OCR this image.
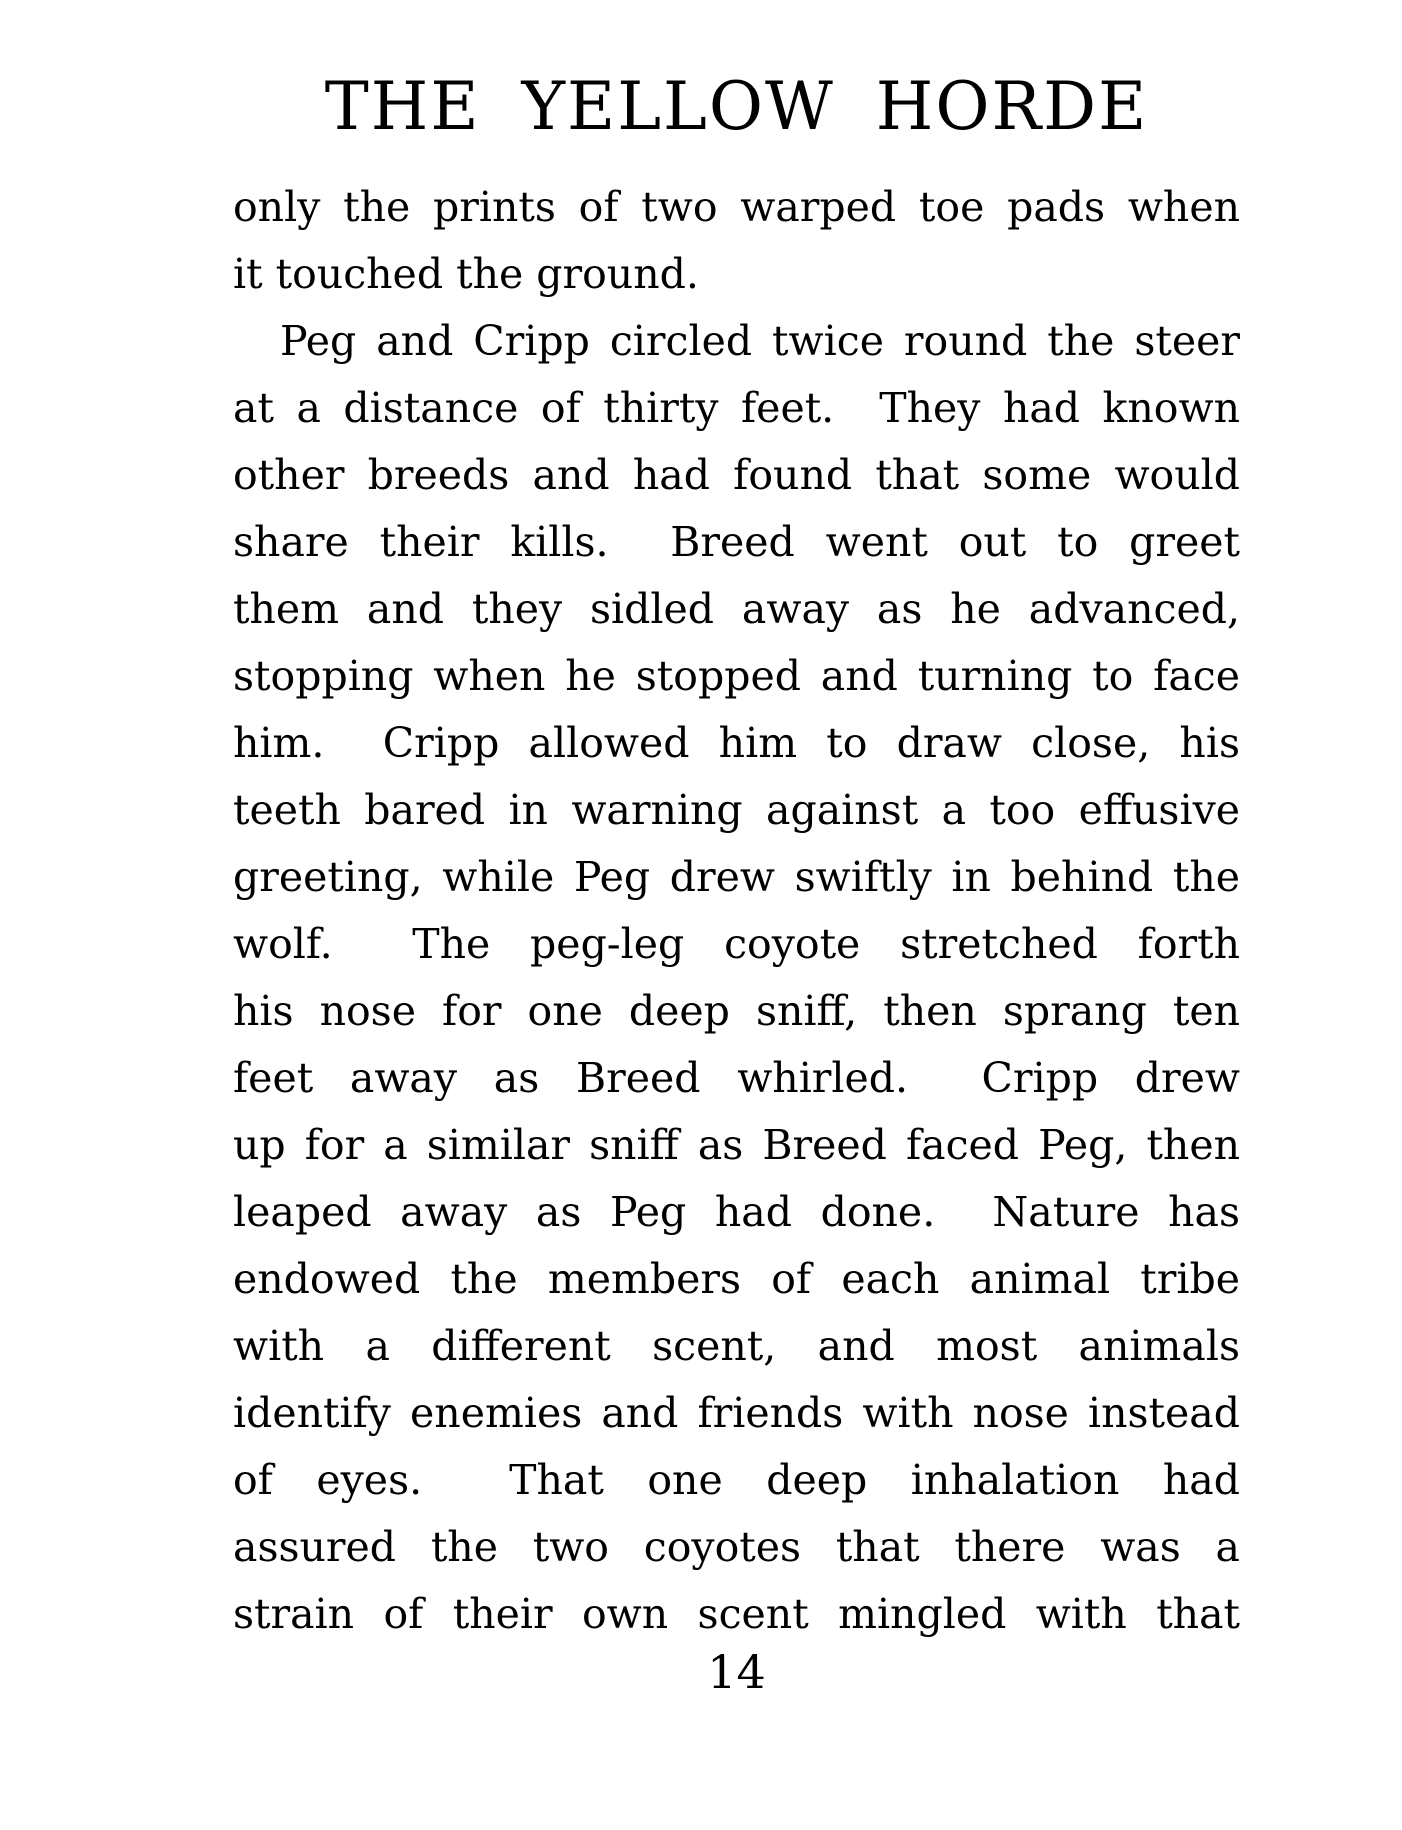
THE YELLOW HORDE

only the prints of two warped toe pads when
it touched the ground.

Peg and Cripp circled twice round the steer
at a distance of thirty feet.  They had known
other breeds and had found that some would
share their kills.  Breed went out to greet
them and they sidled away as he advanced,
stopping when he stopped and turning to face
him.  Cripp allowed him to draw close, his
teeth bared in warning against a too effusive
greeting, while Peg drew swiftly in behind the
wolf.  The peg-leg coyote stretched forth
his nose for one deep sniff, then sprang ten
feet away as Breed whirled.  Cripp drew
up for a similar sniff as Breed faced Peg, then
leaped away as Peg had done.  Nature has
endowed the members of each animal tribe
with a different scent, and most animals
identify enemies and friends with nose instead
of eyes.  That one deep inhalation had
assured the two coyotes that there was a
strain of their own scent mingled with that

14
